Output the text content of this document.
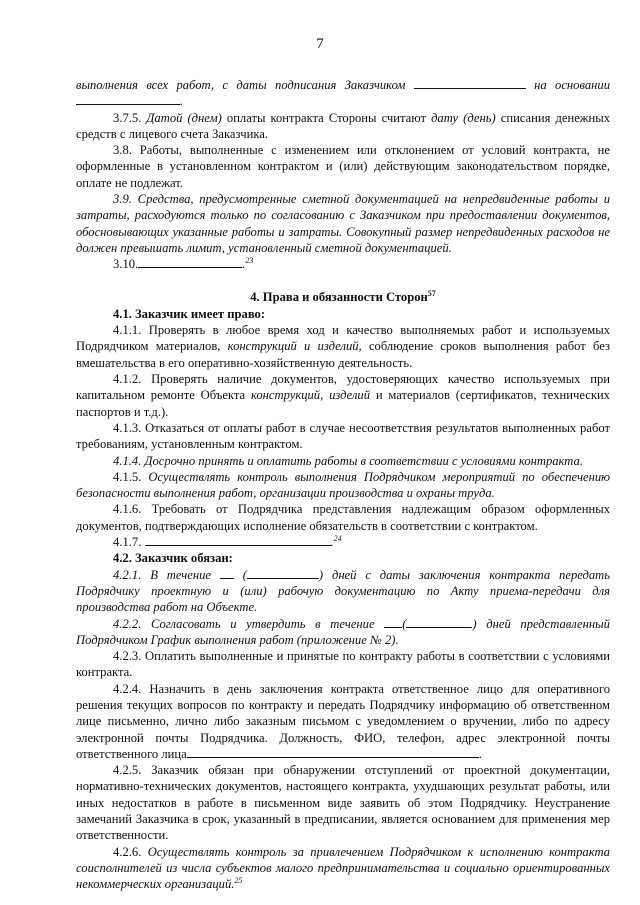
7

выполнения всех работ, с даты подписания Заказчиком	на основании

.

3.7.5. Датой (днем) оплаты контракта Стороны считают дату (день) списания денежных средств с лицевого счета Заказчика.

3.8. Работы, выполненные с изменением или отклонением от условий контракта, не оформленные в установленном контрактом и (или) действующим законодательством порядке, оплате не подлежат.

3.9. Средства, предусмотренные сметной документацией на непредвиденные работы и затраты, расходуются только по согласованию с Заказчиком при предоставлении документов, обосновывающих указанные работы и затраты. Совокупный размер непредвиденных расходов не должен превышать лимит, установленный сметной документацией.

3.10.	.$^{23}$

4. Права и обязанности Сторон$^{57}$

4.1. Заказчик имеет право:

4.1.1. Проверять в любое время ход и качество выполняемых работ и используемых Подрядчиком материалов, конструкций и изделий, соблюдение сроков выполнения работ без вмешательства в его оперативно-хозяйственную деятельность.

4.1.2. Проверять наличие документов, удостоверяющих качество используемых при капитальном ремонте Объекта конструкций, изделий и материалов (сертификатов, технических паспортов и т.д.).

4.1.3. Отказаться от оплаты работ в случае несоответствия результатов выполненных работ требованиям, установленным контрактом.

4.1.4. Досрочно принять и оплатить работы в соответствии с условиями контракта.

4.1.5. Осуществлять контроль выполнения Подрядчиком мероприятий по обеспечению безопасности выполнения работ, организации производства и охраны труда.

4.1.6. Требовать от Подрядчика представления надлежащим образом оформленных документов, подтверждающих исполнение обязательств в соответствии с контрактом.

4.1.7.	.$^{24}$

4.2. Заказчик обязан:

4.2.1. В течение	(	) дней с даты заключения контракта передать Подрядчику проектную и (или) рабочую документацию по Акту приема-передачи для производства работ на Объекте.

4.2.2. Согласовать и утвердить в течение (	) дней представленный Подрядчиком График выполнения работ (приложение № 2).

4.2.3. Оплатить выполненные и принятые по контракту работы в соответствии с условиями контракта.

4.2.4. Назначить в день заключения контракта ответственное лицо для оперативного решения текущих вопросов по контракту и передать Подрядчику информацию об ответственном лице письменно, лично либо заказным письмом с уведомлением о вручении, либо по адресу электронной почты Подрядчика. Должность, ФИО, телефон, адрес электронной почты ответственного лица	.

4.2.5. Заказчик обязан при обнаружении отступлений от проектной документации, нормативно-технических документов, настоящего контракта, ухудшающих результат работы, или иных недостатков в работе в письменном виде заявить об этом Подрядчику. Неустранение замечаний Заказчика в срок, указанный в предписании, является основанием для применения мер ответственности.

4.2.6. Осуществлять контроль за привлечением Подрядчиком к исполнению контракта соисполнителей из числа субъектов малого предпринимательства и социально ориентированных некоммерческих организаций.$^{25}$
